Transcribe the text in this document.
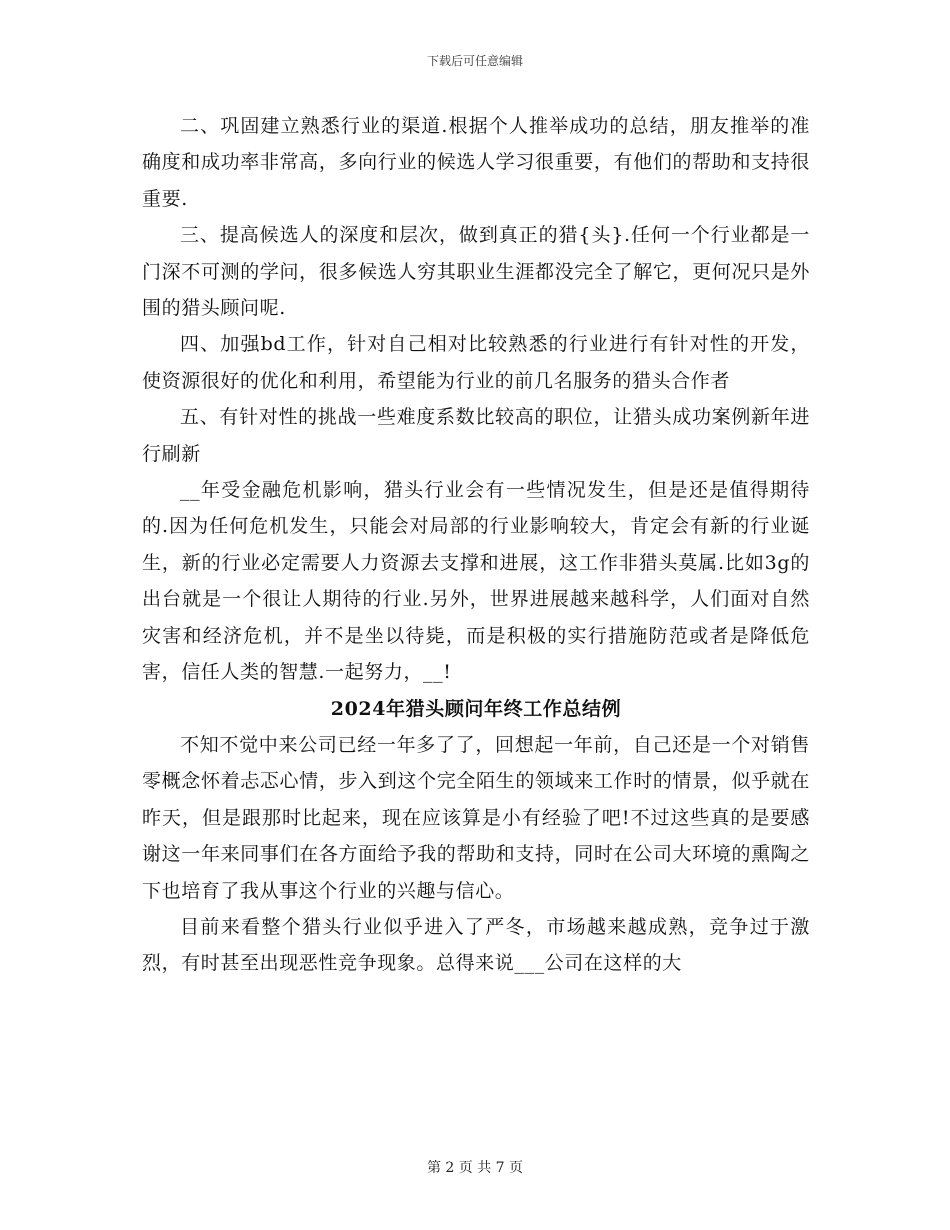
下载后可任意编辑

二、巩固建立熟悉行业的渠道.根据个人推举成功的总结，朋友推举的准确度和成功率非常高，多向行业的候选人学习很重要，有他们的帮助和支持很重要.

三、提高候选人的深度和层次，做到真正的猎{头}.任何一个行业都是一门深不可测的学问，很多候选人穷其职业生涯都没完全了解它，更何况只是外围的猎头顾问呢.

四、加强bd工作，针对自己相对比较熟悉的行业进行有针对性的开发，使资源很好的优化和利用，希望能为行业的前几名服务的猎头合作者

五、有针对性的挑战一些难度系数比较高的职位，让猎头成功案例新年进行刷新

__年受金融危机影响，猎头行业会有一些情况发生，但是还是值得期待的.因为任何危机发生，只能会对局部的行业影响较大，肯定会有新的行业诞生，新的行业必定需要人力资源去支撑和进展，这工作非猎头莫属.比如3g的出台就是一个很让人期待的行业.另外，世界进展越来越科学，人们面对自然灾害和经济危机，并不是坐以待毙，而是积极的实行措施防范或者是降低危害，信任人类的智慧.一起努力，__!

2024年猎头顾问年终工作总结例

不知不觉中来公司已经一年多了了，回想起一年前，自己还是一个对销售零概念怀着忐忑心情，步入到这个完全陌生的领域来工作时的情景，似乎就在昨天，但是跟那时比起来，现在应该算是小有经验了吧!不过这些真的是要感谢这一年来同事们在各方面给予我的帮助和支持，同时在公司大环境的熏陶之下也培育了我从事这个行业的兴趣与信心。

目前来看整个猎头行业似乎进入了严冬，市场越来越成熟，竞争过于激烈，有时甚至出现恶性竞争现象。总得来说___公司在这样的大

第 2 页 共 7 页
